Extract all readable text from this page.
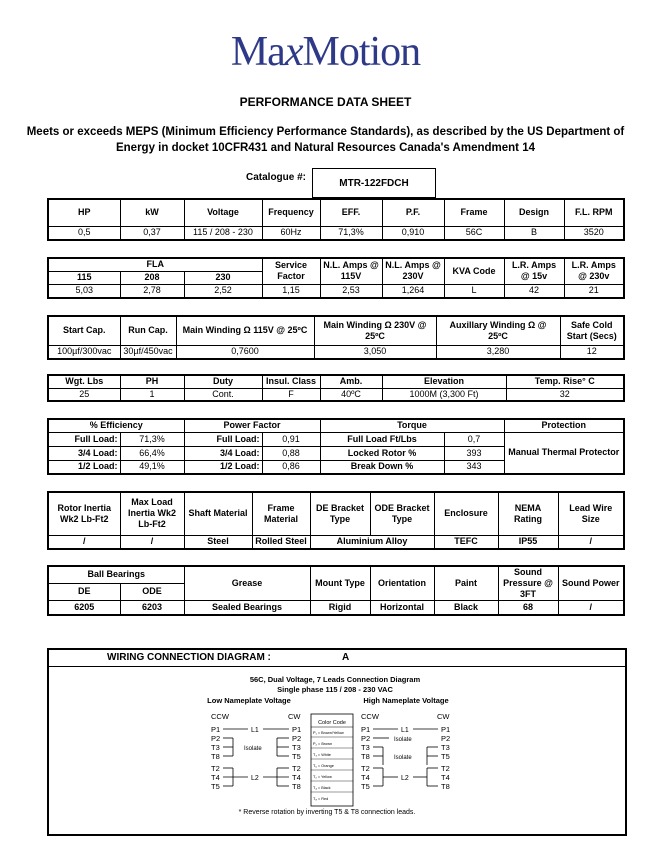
MaxMotion
PERFORMANCE DATA SHEET
Meets or exceeds MEPS (Minimum Efficiency Performance Standards), as described by the US Department of
Energy in docket 10CFR431 and Natural Resources Canada's Amendment 14
Catalogue #:	MTR-122FDCH
HP	kW	Voltage	Frequency	EFF.	P.F.	Frame	Design	F.L. RPM
0,5	0,37	115 / 208 - 230	60Hz	71,3%	0,910	56C	B	3520
FLA			Service Factor	N.L. Amps @ 115V	N.L. Amps @ 230V	KVA Code	L.R. Amps @ 15v	L.R. Amps @ 230v
115	208	230						
5,03	2,78	2,52	1,15	2,53	1,264	L	42	21
Start Cap.	Run Cap.	Main Winding Ω 115V @ 25ºC	Main Winding Ω 230V @ 25ºC	Auxillary Winding Ω @ 25ºC	Safe Cold Start (Secs)
100µf/300vac	30µf/450vac	0,7600	3,050	3,280	12
Wgt. Lbs	PH	Duty	Insul. Class	Amb.	Elevation	Temp. Rise° C
25	1	Cont.	F	40ºC	1000M (3,300 Ft)	32
% Efficiency		Power Factor		Torque		Protection
Full Load:	71,3%	Full Load:	0,91	Full Load Ft/Lbs	0,7	Manual Thermal Protector
3/4 Load:	66,4%	3/4 Load:	0,88	Locked Rotor %	393	
1/2 Load:	49,1%	1/2 Load:	0,86	Break Down %	343	
Rotor Inertia Wk2 Lb-Ft2	Max Load Inertia Wk2 Lb-Ft2	Shaft Material	Frame Material	DE Bracket Type	ODE Bracket Type	Enclosure	NEMA Rating	Lead Wire Size
/	/	Steel	Rolled Steel	Aluminium Alloy		TEFC	IP55	/
Ball Bearings		Grease	Mount Type	Orientation	Paint	Sound Pressure @ 3FT	Sound Power
DE	ODE						
6205	6203	Sealed Bearings	Rigid	Horizontal	Black	68	/
WIRING CONNECTION DIAGRAM :	A
56C, Dual Voltage, 7 Leads Connection Diagram
Single phase 115 / 208 - 230 VAC
Low Nameplate Voltage	High Nameplate Voltage
CCW	CW
P1
P2
T3
T8
T2
T4
T5
P1
P2
T3
T5
T2
T4
T8
L1
L2
Isolate
Color Code
P₁ = Brown/Yellow
P₂ = Brown
T₃ = White
T₅ = Orange
T₂ = Yellow
T₄ = Black
T₈ = Red
CCW	CW
P1
P2
T3
T8
T2
T4
T5
P1
P2
T3
T5
T2
T4
T8
L1
L2
Isolate
Isolate
* Reverse rotation by inverting T5 & T8 connection leads.
